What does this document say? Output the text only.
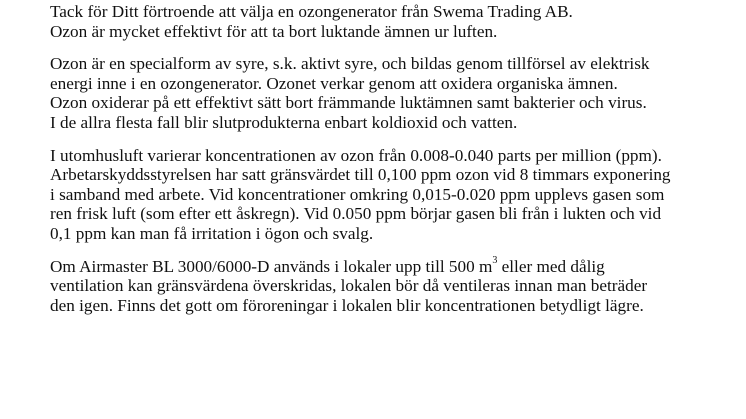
Tack för Ditt förtroende att välja en ozongenerator från Swema Trading AB.
Ozon är mycket effektivt för att ta bort luktande ämnen ur luften.
Ozon är en specialform av syre, s.k. aktivt syre, och bildas genom tillförsel av elektrisk
energi inne i en ozongenerator. Ozonet verkar genom att oxidera organiska ämnen.
Ozon oxiderar på ett effektivt sätt bort främmande luktämnen samt bakterier och virus.
I de allra flesta fall blir slutprodukterna enbart koldioxid och vatten.
I utomhusluft varierar koncentrationen av ozon från 0.008-0.040 parts per million (ppm).
Arbetarskyddsstyrelsen har satt gränsvärdet till 0,100 ppm ozon vid 8 timmars exponering
i samband med arbete. Vid koncentrationer omkring 0,015-0.020 ppm upplevs gasen som
ren frisk luft (som efter ett åskregn). Vid 0.050 ppm börjar gasen bli från i lukten och vid
0,1 ppm kan man få irritation i ögon och svalg.
Om Airmaster BL 3000/6000-D används i lokaler upp till 500 $m^3$ eller med dålig
ventilation kan gränsvärdena överskridas, lokalen bör då ventileras innan man beträder
den igen. Finns det gott om föroreningar i lokalen blir koncentrationen betydligt lägre.
